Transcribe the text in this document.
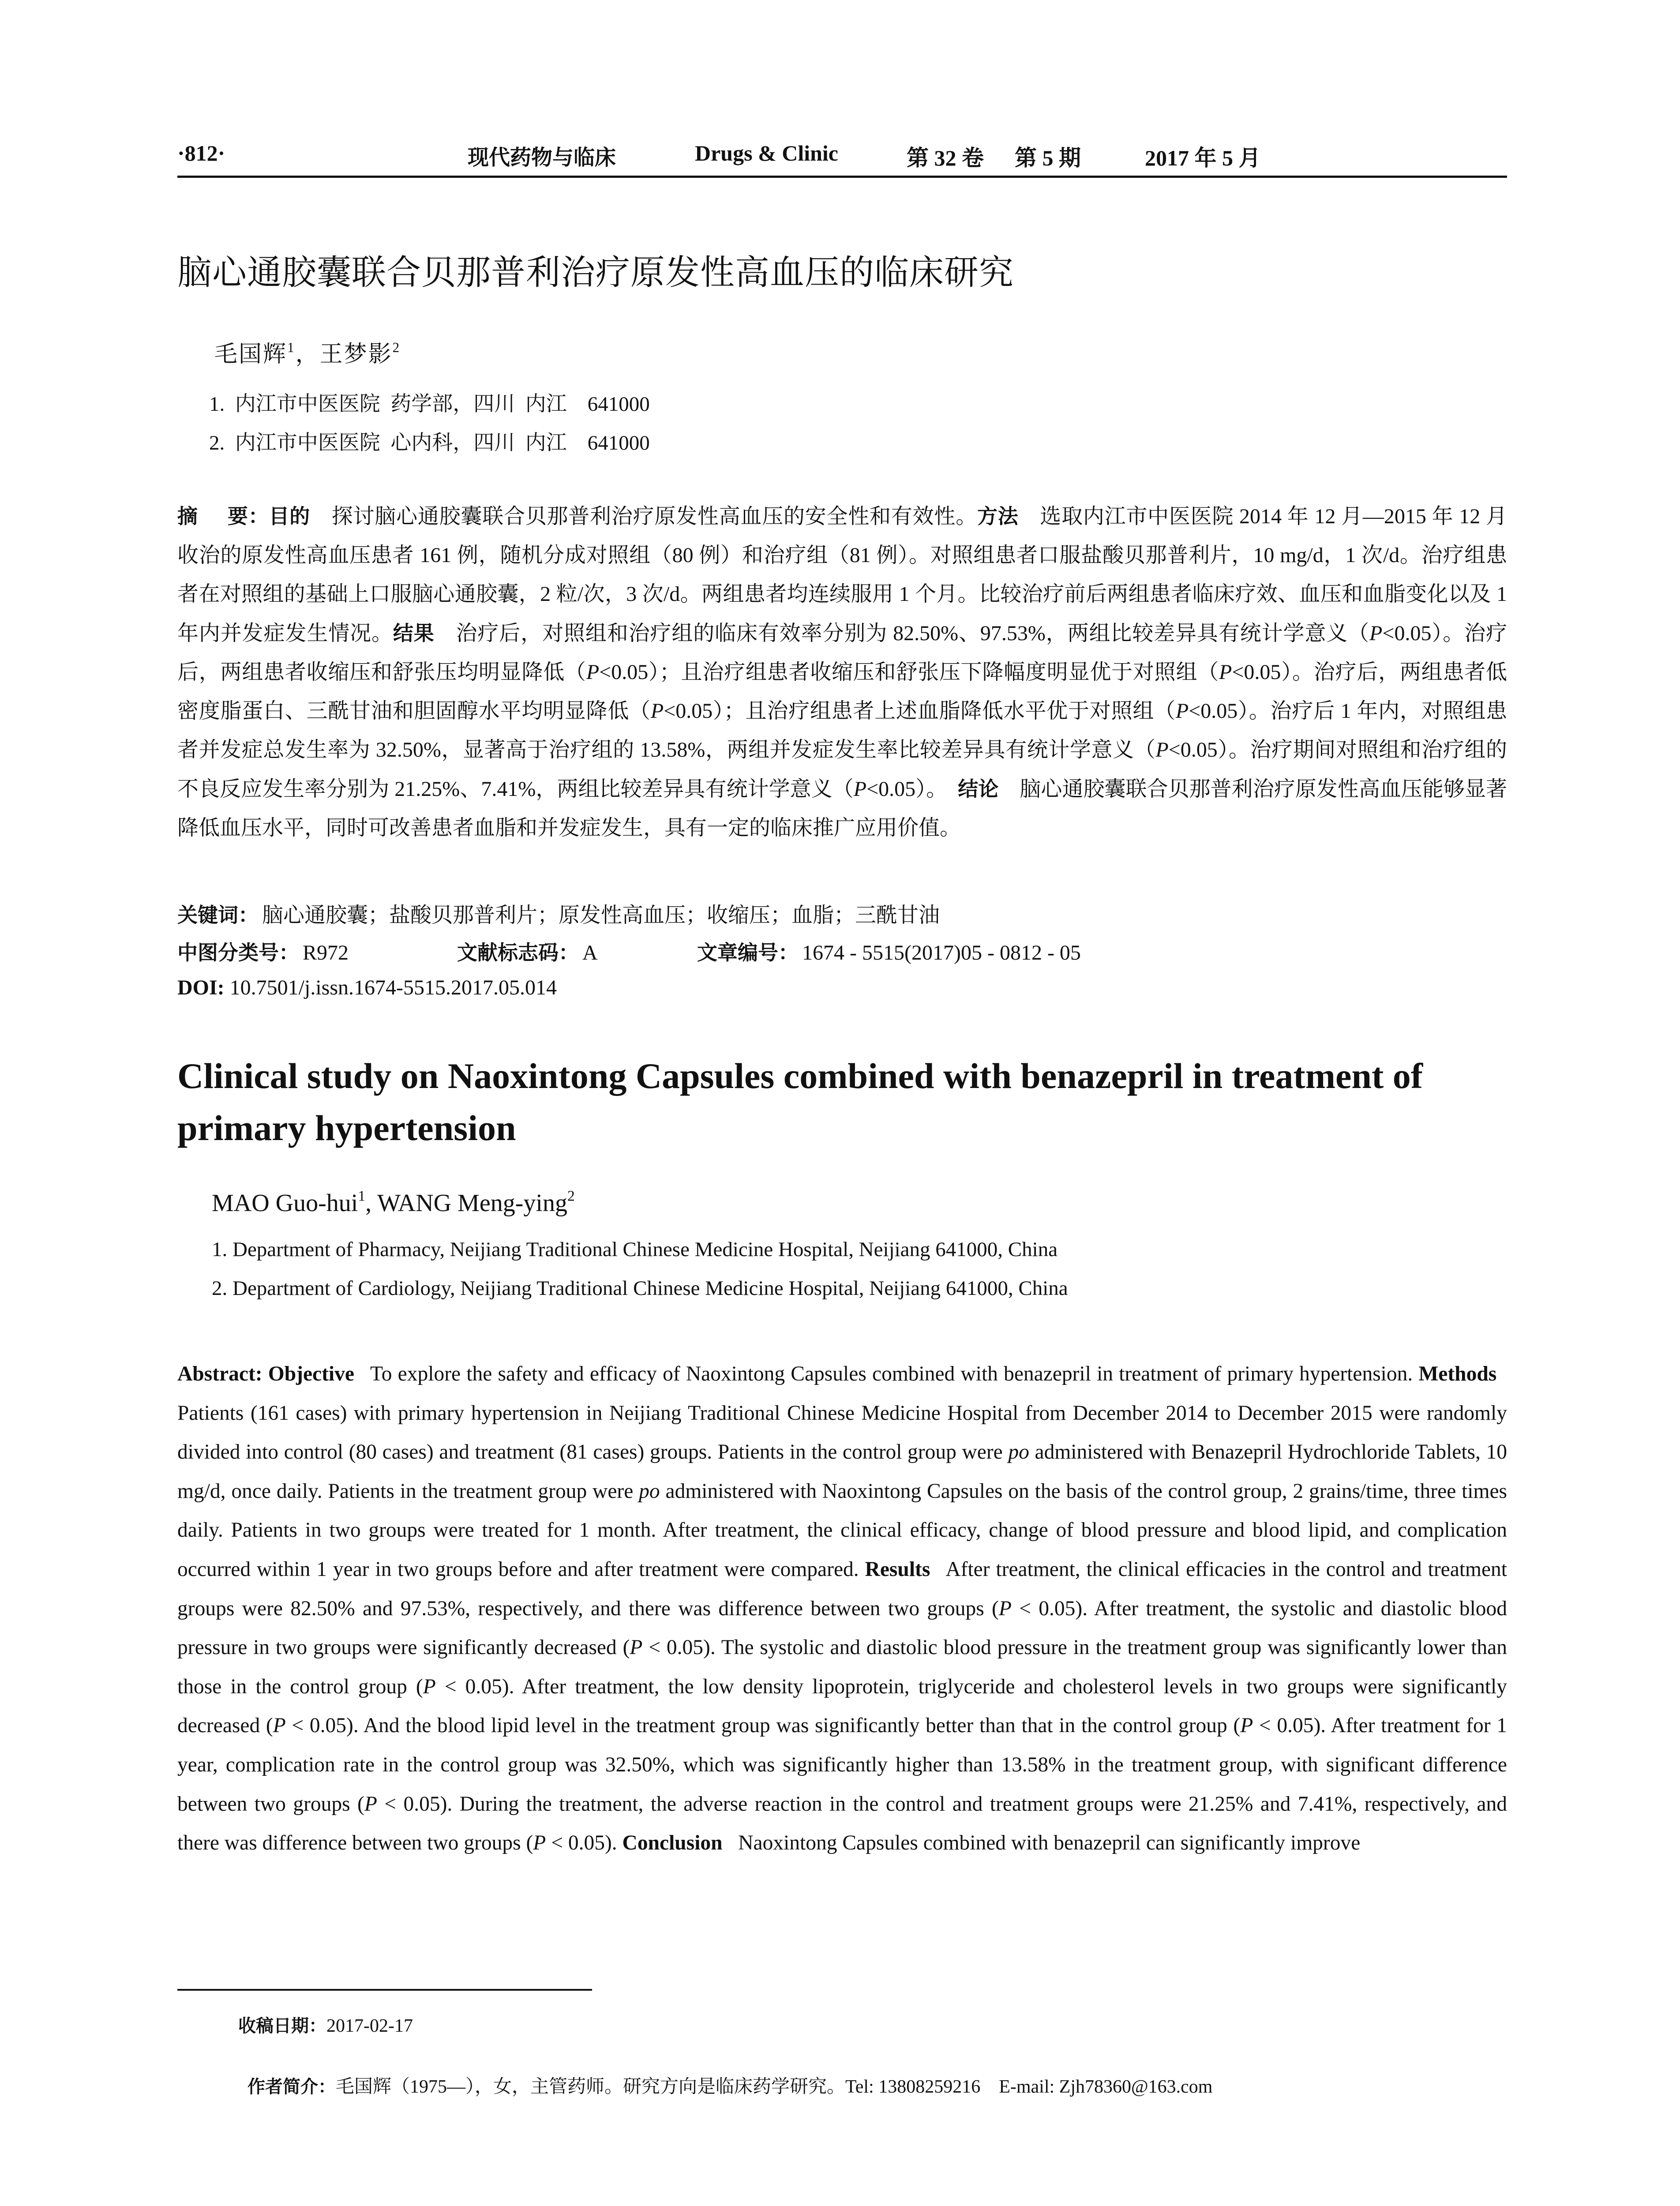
·812·	现代药物与临床	Drugs & Clinic	第 32 卷 第 5 期	2017 年 5 月
脑心通胶囊联合贝那普利治疗原发性高血压的临床研究
毛国辉$^1$，王梦影$^2$
1.  内江市中医医院  药学部，四川  内江    641000
2.  内江市中医医院  心内科，四川  内江    641000
摘    要：目的  探讨脑心通胶囊联合贝那普利治疗原发性高血压的安全性和有效性。方法  选取内江市中医医院 2014 年 12 月—2015 年 12 月收治的原发性高血压患者 161 例，随机分成对照组（80 例）和治疗组（81 例）。对照组患者口服盐酸贝那普利片，10 mg/d，1 次/d。治疗组患者在对照组的基础上口服脑心通胶囊，2 粒/次，3 次/d。两组患者均连续服用 1 个月。比较治疗前后两组患者临床疗效、血压和血脂变化以及 1 年内并发症发生情况。结果  治疗后，对照组和治疗组的临床有效率分别为 82.50%、97.53%，两组比较差异具有统计学意义（P<0.05）。治疗后，两组患者收缩压和舒张压均明显降低（P<0.05）；且治疗组患者收缩压和舒张压下降幅度明显优于对照组（P<0.05）。治疗后，两组患者低密度脂蛋白、三酰甘油和胆固醇水平均明显降低（P<0.05）；且治疗组患者上述血脂降低水平优于对照组（P<0.05）。治疗后 1 年内，对照组患者并发症总发生率为 32.50%，显著高于治疗组的 13.58%，两组并发症发生率比较差异具有统计学意义（P<0.05）。治疗期间对照组和治疗组的不良反应发生率分别为 21.25%、7.41%，两组比较差异具有统计学意义（P<0.05）。  结论  脑心通胶囊联合贝那普利治疗原发性高血压能够显著降低血压水平，同时可改善患者血脂和并发症发生，具有一定的临床推广应用价值。
关键词： 脑心通胶囊；盐酸贝那普利片；原发性高血压；收缩压；血脂；三酰甘油
中图分类号： R972	文献标志码： A	文章编号： 1674 - 5515(2017)05 - 0812 - 05
DOI: 10.7501/j.issn.1674-5515.2017.05.014
Clinical study on Naoxintong Capsules combined with benazepril in treatment of primary hypertension
MAO Guo-hui$^1$, WANG Meng-ying$^2$
1. Department of Pharmacy, Neijiang Traditional Chinese Medicine Hospital, Neijiang 641000, China
2. Department of Cardiology, Neijiang Traditional Chinese Medicine Hospital, Neijiang 641000, China
Abstract: Objective  To explore the safety and efficacy of Naoxintong Capsules combined with benazepril in treatment of primary hypertension. Methods  Patients (161 cases) with primary hypertension in Neijiang Traditional Chinese Medicine Hospital from December 2014 to December 2015 were randomly divided into control (80 cases) and treatment (81 cases) groups. Patients in the control group were po administered with Benazepril Hydrochloride Tablets, 10 mg/d, once daily. Patients in the treatment group were po administered with Naoxintong Capsules on the basis of the control group, 2 grains/time, three times daily. Patients in two groups were treated for 1 month. After treatment, the clinical efficacy, change of blood pressure and blood lipid, and complication occurred within 1 year in two groups before and after treatment were compared. Results  After treatment, the clinical efficacies in the control and treatment groups were 82.50% and 97.53%, respectively, and there was difference between two groups (P < 0.05). After treatment, the systolic and diastolic blood pressure in two groups were significantly decreased (P < 0.05). The systolic and diastolic blood pressure in the treatment group was significantly lower than those in the control group (P < 0.05). After treatment, the low density lipoprotein, triglyceride and cholesterol levels in two groups were significantly decreased (P < 0.05). And the blood lipid level in the treatment group was significantly better than that in the control group (P < 0.05). After treatment for 1 year, complication rate in the control group was 32.50%, which was significantly higher than 13.58% in the treatment group, with significant difference between two groups (P < 0.05). During the treatment, the adverse reaction in the control and treatment groups were 21.25% and 7.41%, respectively, and there was difference between two groups (P < 0.05). Conclusion  Naoxintong Capsules combined with benazepril can significantly improve
收稿日期：2017-02-17

作者简介：毛国辉（1975—），女，主管药师。研究方向是临床药学研究。Tel: 13808259216    E-mail: Zjh78360@163.com
